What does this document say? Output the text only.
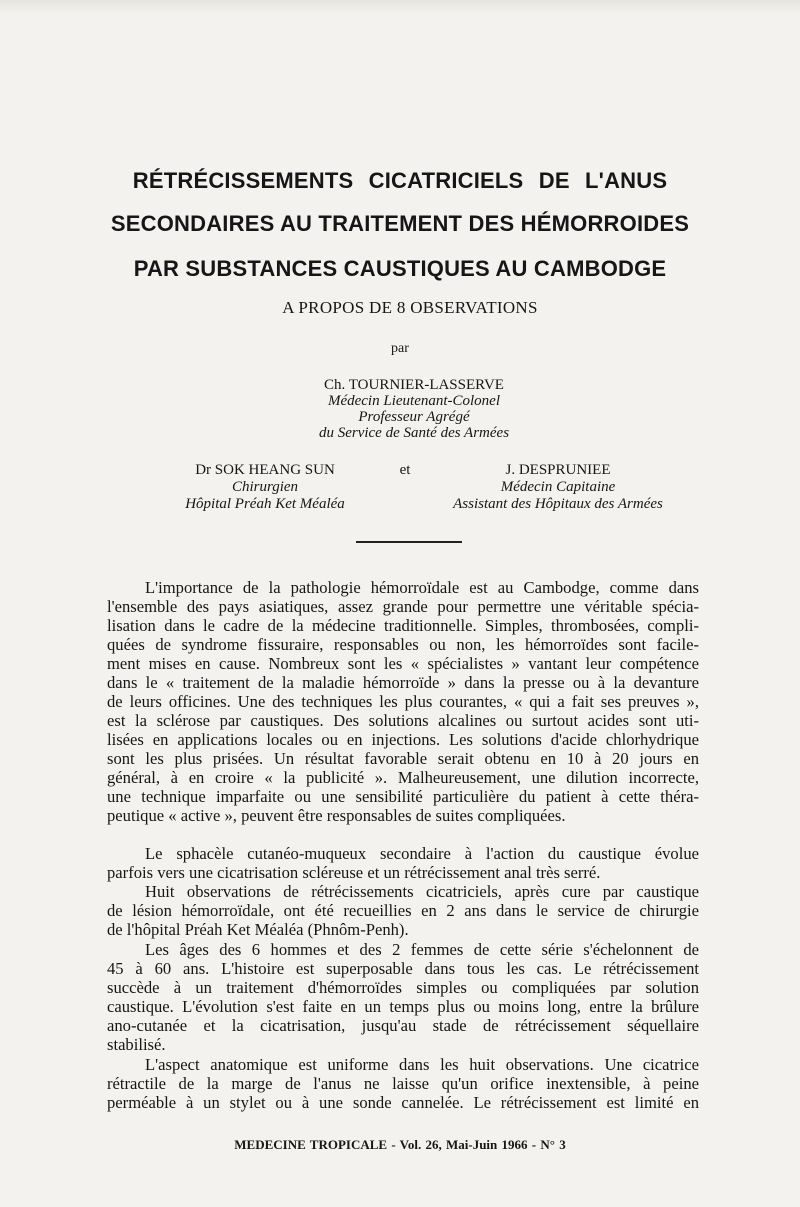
RÉTRÉCISSEMENTS CICATRICIELS DE L'ANUS
SECONDAIRES AU TRAITEMENT DES HÉMORROIDES
PAR SUBSTANCES CAUSTIQUES AU CAMBODGE
A PROPOS DE 8 OBSERVATIONS
par
Ch. TOURNIER-LASSERVE
Médecin Lieutenant-Colonel
Professeur Agrégé
du Service de Santé des Armées
Dr SOK HEANG SUN
Chirurgien
Hôpital Préah Ket Méaléa
et	J. DESPRUNIEE
Médecin Capitaine
Assistant des Hôpitaux des Armées
L'importance de la pathologie hémorroïdale est au Cambodge, comme dans
l'ensemble des pays asiatiques, assez grande pour permettre une véritable spécia-
lisation dans le cadre de la médecine traditionnelle. Simples, thrombosées, compli-
quées de syndrome fissuraire, responsables ou non, les hémorroïdes sont facile-
ment mises en cause. Nombreux sont les « spécialistes » vantant leur compétence
dans le « traitement de la maladie hémorroïde » dans la presse ou à la devanture
de leurs officines. Une des techniques les plus courantes, « qui a fait ses preuves »,
est la sclérose par caustiques. Des solutions alcalines ou surtout acides sont uti-
lisées en applications locales ou en injections. Les solutions d'acide chlorhydrique
sont les plus prisées. Un résultat favorable serait obtenu en 10 à 20 jours en
général, à en croire « la publicité ». Malheureusement, une dilution incorrecte,
une technique imparfaite ou une sensibilité particulière du patient à cette théra-
peutique « active », peuvent être responsables de suites compliquées.
Le sphacèle cutanéo-muqueux secondaire à l'action du caustique évolue
parfois vers une cicatrisation scléreuse et un rétrécissement anal très serré.
Huit observations de rétrécissements cicatriciels, après cure par caustique
de lésion hémorroïdale, ont été recueillies en 2 ans dans le service de chirurgie
de l'hôpital Préah Ket Méaléa (Phnôm-Penh).
Les âges des 6 hommes et des 2 femmes de cette série s'échelonnent de
45 à 60 ans. L'histoire est superposable dans tous les cas. Le rétrécissement
succède à un traitement d'hémorroïdes simples ou compliquées par solution
caustique. L'évolution s'est faite en un temps plus ou moins long, entre la brûlure
ano-cutanée et la cicatrisation, jusqu'au stade de rétrécissement séquellaire
stabilisé.
L'aspect anatomique est uniforme dans les huit observations. Une cicatrice
rétractile de la marge de l'anus ne laisse qu'un orifice inextensible, à peine
perméable à un stylet ou à une sonde cannelée. Le rétrécissement est limité en
MEDECINE TROPICALE - Vol. 26, Mai-Juin 1966 - N° 3
